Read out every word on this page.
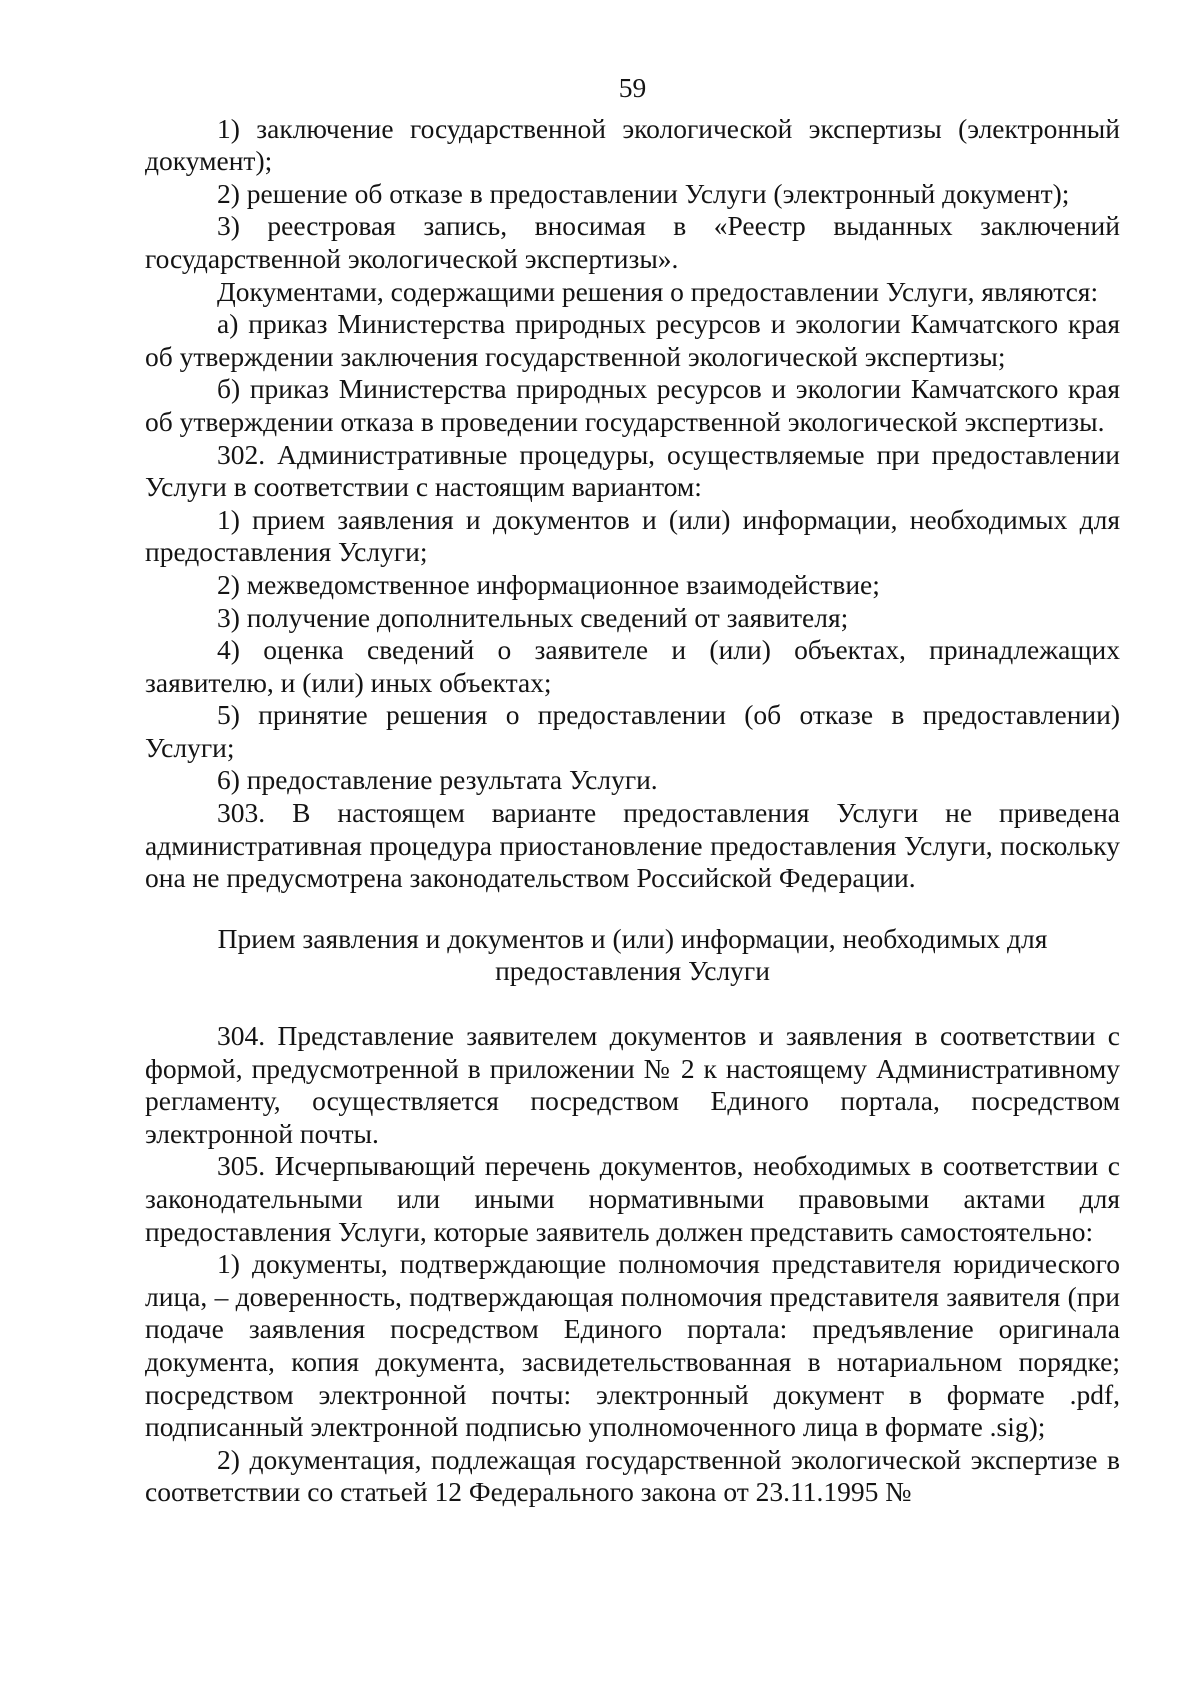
59

1) заключение государственной экологической экспертизы (электронный документ);

2) решение об отказе в предоставлении Услуги (электронный документ);

3) реестровая запись, вносимая в «Реестр выданных заключений государственной экологической экспертизы».

Документами, содержащими решения о предоставлении Услуги, являются:

а) приказ Министерства природных ресурсов и экологии Камчатского края об утверждении заключения государственной экологической экспертизы;

б) приказ Министерства природных ресурсов и экологии Камчатского края об утверждении отказа в проведении государственной экологической экспертизы.

302. Административные процедуры, осуществляемые при предоставлении Услуги в соответствии с настоящим вариантом:

1) прием заявления и документов и (или) информации, необходимых для предоставления Услуги;

2) межведомственное информационное взаимодействие;

3) получение дополнительных сведений от заявителя;

4) оценка сведений о заявителе и (или) объектах, принадлежащих заявителю, и (или) иных объектах;

5) принятие решения о предоставлении (об отказе в предоставлении) Услуги;

6) предоставление результата Услуги.

303. В настоящем варианте предоставления Услуги не приведена административная процедура приостановление предоставления Услуги, поскольку она не предусмотрена законодательством Российской Федерации.

Прием заявления и документов и (или) информации, необходимых для предоставления Услуги

304. Представление заявителем документов и заявления в соответствии с формой, предусмотренной в приложении № 2 к настоящему Административному регламенту, осуществляется посредством Единого портала, посредством электронной почты.

305. Исчерпывающий перечень документов, необходимых в соответствии с законодательными или иными нормативными правовыми актами для предоставления Услуги, которые заявитель должен представить самостоятельно:

1) документы, подтверждающие полномочия представителя юридического лица, – доверенность, подтверждающая полномочия представителя заявителя (при подаче заявления посредством Единого портала: предъявление оригинала документа, копия документа, засвидетельствованная в нотариальном порядке; посредством электронной почты: электронный документ в формате .pdf, подписанный электронной подписью уполномоченного лица в формате .sig);

2) документация, подлежащая государственной экологической экспертизе в соответствии со статьей 12 Федерального закона от 23.11.1995 №
